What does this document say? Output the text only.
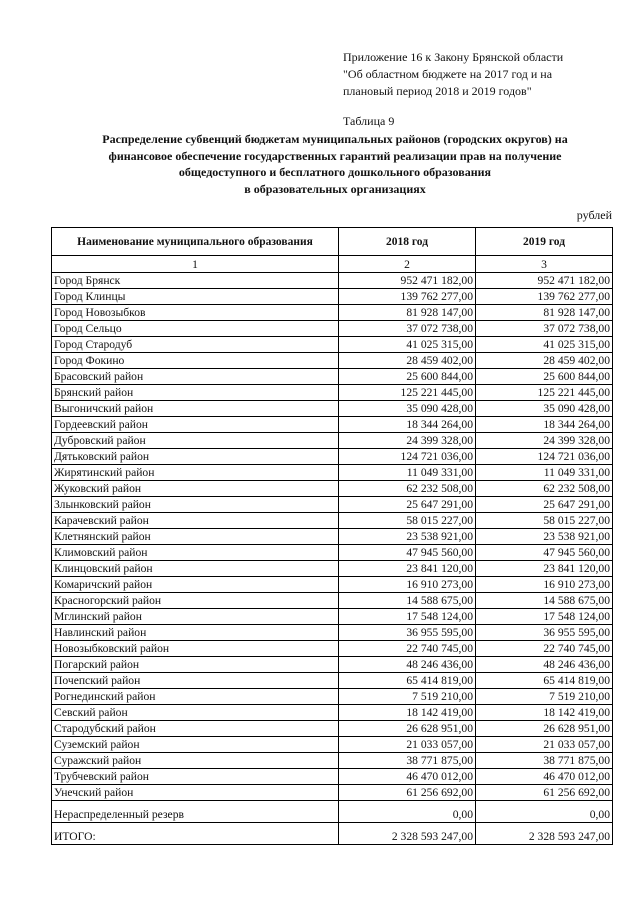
Приложение 16 к Закону Брянской области
"Об областном бюджете на 2017 год и на
плановый период 2018 и 2019 годов"
Таблица 9
Распределение субвенций бюджетам муниципальных районов (городских округов) на
финансовое обеспечение государственных гарантий реализации прав на получение
общедоступного и бесплатного дошкольного образования
в образовательных организациях
рублей
Наименование муниципального образования	2018 год	2019 год
1	2	3
Город Брянск	952 471 182,00	952 471 182,00
Город Клинцы	139 762 277,00	139 762 277,00
Город Новозыбков	81 928 147,00	81 928 147,00
Город Сельцо	37 072 738,00	37 072 738,00
Город Стародуб	41 025 315,00	41 025 315,00
Город Фокино	28 459 402,00	28 459 402,00
Брасовский район	25 600 844,00	25 600 844,00
Брянский район	125 221 445,00	125 221 445,00
Выгоничский район	35 090 428,00	35 090 428,00
Гордеевский район	18 344 264,00	18 344 264,00
Дубровский район	24 399 328,00	24 399 328,00
Дятьковский район	124 721 036,00	124 721 036,00
Жирятинский район	11 049 331,00	11 049 331,00
Жуковский район	62 232 508,00	62 232 508,00
Злынковский район	25 647 291,00	25 647 291,00
Карачевский район	58 015 227,00	58 015 227,00
Клетнянский район	23 538 921,00	23 538 921,00
Климовский район	47 945 560,00	47 945 560,00
Клинцовский район	23 841 120,00	23 841 120,00
Комаричский район	16 910 273,00	16 910 273,00
Красногорский район	14 588 675,00	14 588 675,00
Мглинский район	17 548 124,00	17 548 124,00
Навлинский район	36 955 595,00	36 955 595,00
Новозыбковский район	22 740 745,00	22 740 745,00
Погарский район	48 246 436,00	48 246 436,00
Почепский район	65 414 819,00	65 414 819,00
Рогнединский район	7 519 210,00	7 519 210,00
Севский район	18 142 419,00	18 142 419,00
Стародубский район	26 628 951,00	26 628 951,00
Суземский район	21 033 057,00	21 033 057,00
Суражский район	38 771 875,00	38 771 875,00
Трубчевский район	46 470 012,00	46 470 012,00
Унечский район	61 256 692,00	61 256 692,00
Нераспределенный резерв	0,00	0,00
ИТОГО:	2 328 593 247,00	2 328 593 247,00
